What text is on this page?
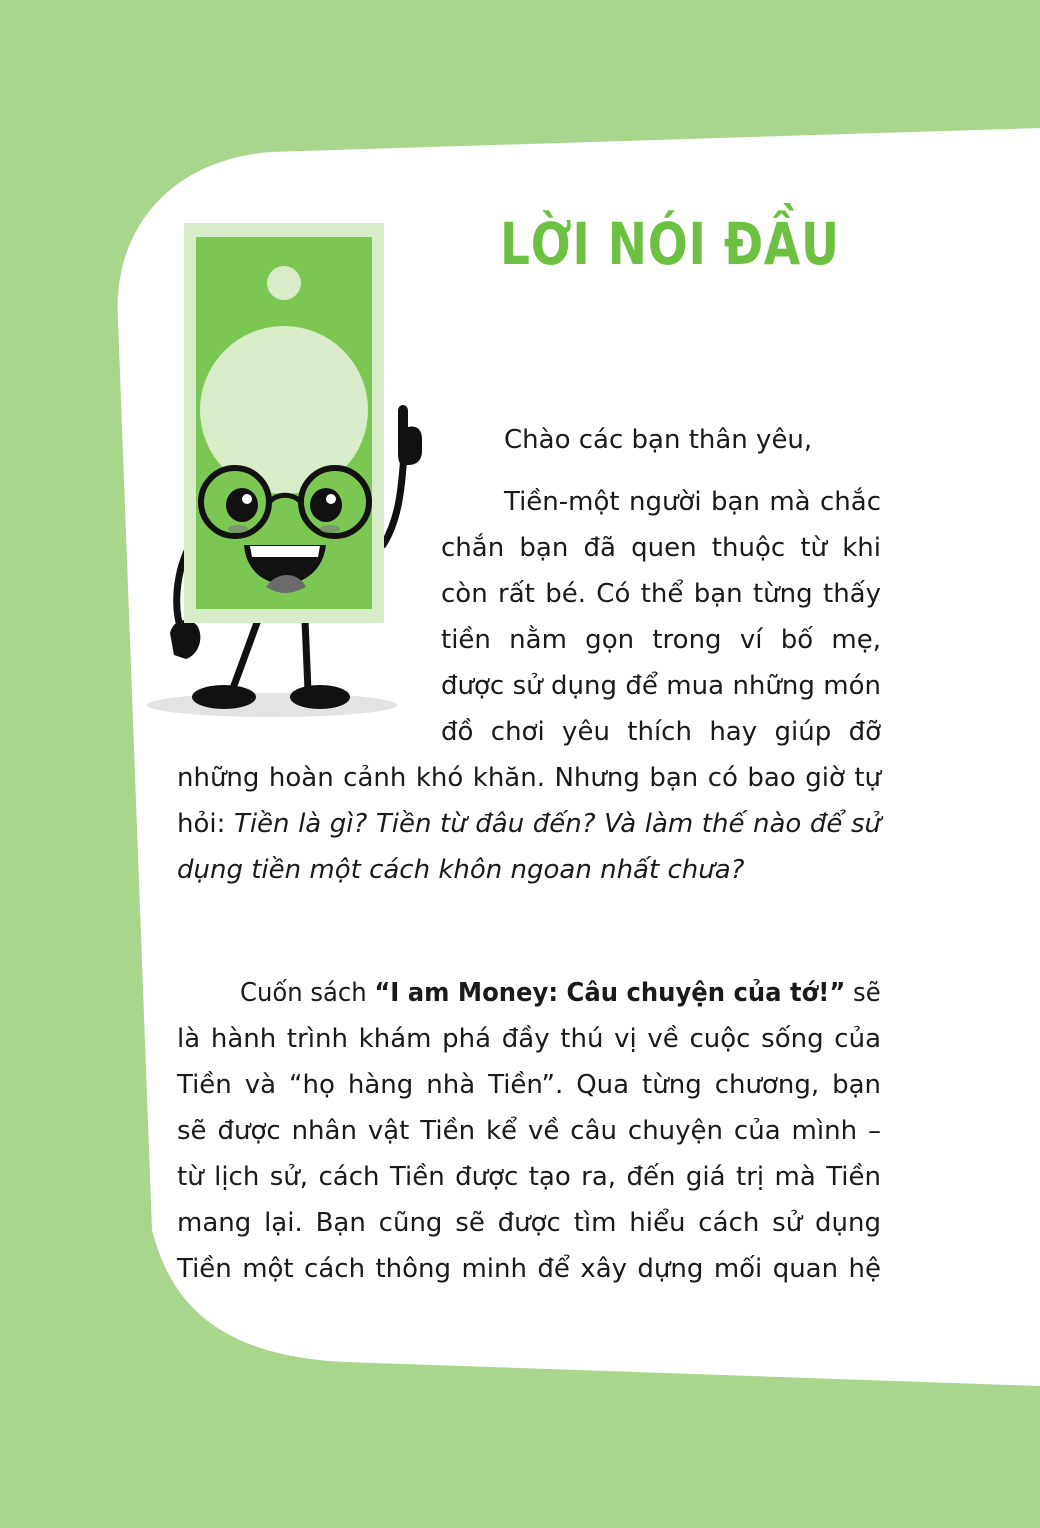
LỜI NÓI ĐẦU
Chào các bạn thân yêu,
Tiền-một người bạn mà chắc
chắn bạn đã quen thuộc từ khi
còn rất bé. Có thể bạn từng thấy
tiền nằm gọn trong ví bố mẹ,
được sử dụng để mua những món
đồ chơi yêu thích hay giúp đỡ
những hoàn cảnh khó khăn. Nhưng bạn có bao giờ tự
hỏi: Tiền là gì? Tiền từ đâu đến? Và làm thế nào để sử
dụng tiền một cách khôn ngoan nhất chưa?
Cuốn sách “I am Money: Câu chuyện của tớ!” sẽ
là hành trình khám phá đầy thú vị về cuộc sống của
Tiền và “họ hàng nhà Tiền”. Qua từng chương, bạn
sẽ được nhân vật Tiền kể về câu chuyện của mình –
từ lịch sử, cách Tiền được tạo ra, đến giá trị mà Tiền
mang lại. Bạn cũng sẽ được tìm hiểu cách sử dụng
Tiền một cách thông minh để xây dựng mối quan hệ
